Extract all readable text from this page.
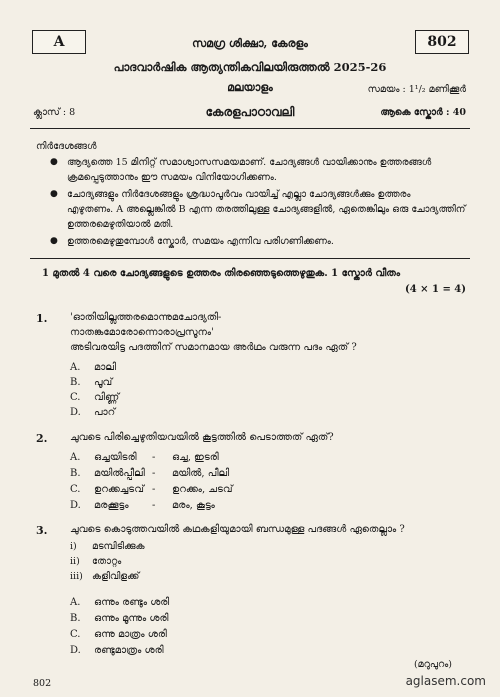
A	802
സമഗ്ര ശിക്ഷാ, കേരളം
പാദവാർഷിക ആത്യന്തികവിലയിരുത്തൽ 2025-26
മലയാളം	സമയം : 1¹/₂ മണിക്കൂർ
ക്ലാസ് : 8	കേരളപാഠാവലി	ആകെ സ്കോർ : 40
നിർദേശങ്ങൾ
● ആദ്യത്തെ 15 മിനിറ്റ് സമാശ്വാസസമയമാണ്. ചോദ്യങ്ങൾ വായിക്കാനും ഉത്തരങ്ങൾ
ക്രമപ്പെടുത്താനും ഈ സമയം വിനിയോഗിക്കണം.
● ചോദ്യങ്ങളും നിർദേശങ്ങളും ശ്രദ്ധാപൂർവം വായിച്ച് എല്ലാ ചോദ്യങ്ങൾക്കും ഉത്തരം
എഴുതണം. A അല്ലെങ്കിൽ B എന്ന തരത്തിലുള്ള ചോദ്യങ്ങളിൽ, ഏതെങ്കിലും ഒരു ചോദ്യത്തിന്
ഉത്തരമെഴുതിയാൽ മതി.
● ഉത്തരമെഴുതുമ്പോൾ സ്കോർ, സമയം എന്നിവ പരിഗണിക്കണം.
1 മുതൽ 4 വരെ ചോദ്യങ്ങളുടെ ഉത്തരം തിരഞ്ഞെടുത്തെഴുതുക. 1 സ്കോർ വീതം
(4 × 1 = 4)
1. 'ഓതിയില്ലത്തരമൊന്നുമചോദ്യതി-
നാതങ്കമോരോന്നൊരാപ്രസൂനം'
അടിവരയിട്ട പദത്തിന് സമാനമായ അർഥം വരുന്ന പദം ഏത് ?
A. മാലി
B. പൂവ്
C. വിണ്ണ്
D. പാറ്
2. ചുവടെ പിരിച്ചെഴുതിയവയിൽ കൂട്ടത്തിൽ പെടാത്തത് ഏത്?
A. ഒച്ചയിടരി - ഒച്ച, ഇടരി
B. മയിൽപ്പീലി - മയിൽ, പീലി
C. ഉറക്കച്ചടവ് - ഉറക്കം, ചടവ്
D. മരക്കൂട്ടം - മരം, കൂട്ടം
3. ചുവടെ കൊടുത്തവയിൽ കഥകളിയുമായി ബന്ധമുള്ള പദങ്ങൾ ഏതെല്ലാം ?
i) മടമ്പിടിക്കുക
ii) തോറ്റം
iii) കളിവിളക്ക്
A. ഒന്നും രണ്ടും ശരി
B. ഒന്നും മൂന്നും ശരി
C. ഒന്നു മാത്രം ശരി
D. രണ്ടുമാത്രം ശരി
(മറുപുറം)
802	aglasem.com
